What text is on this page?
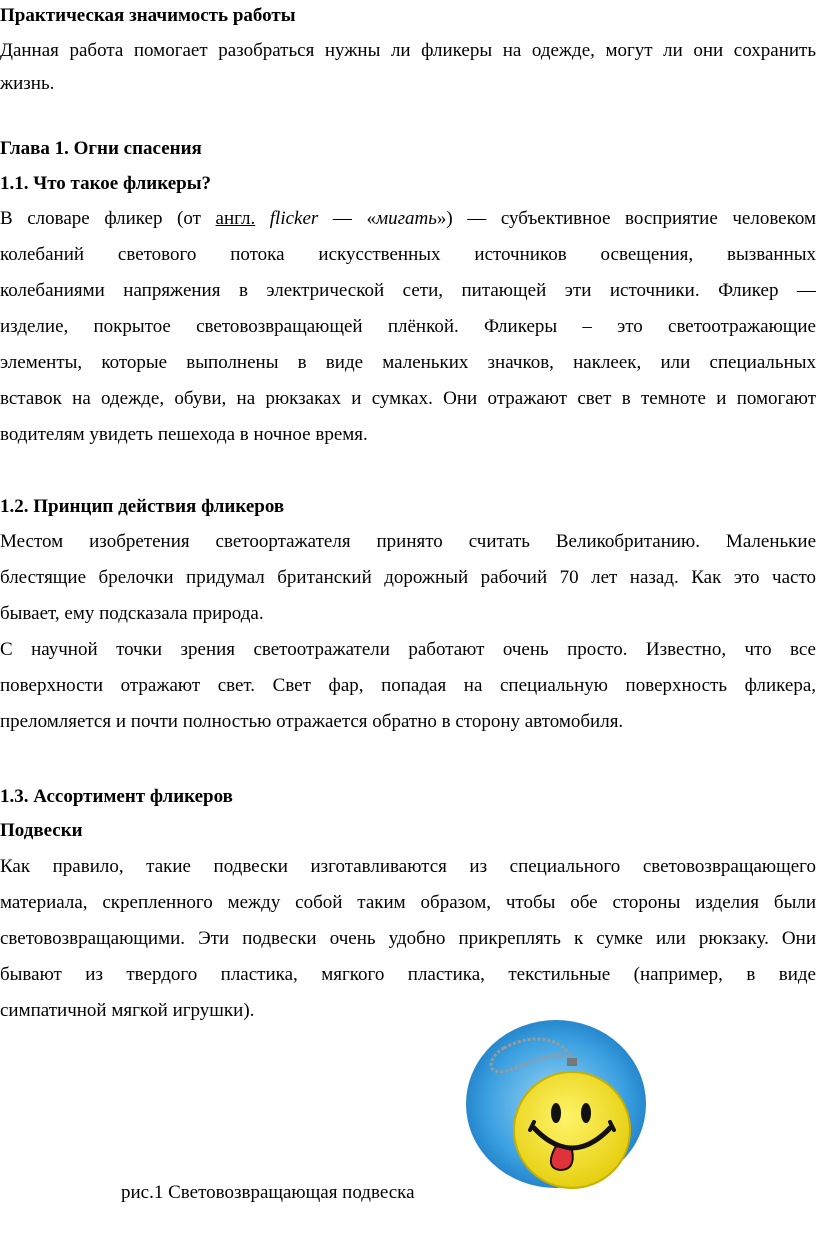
Практическая значимость работы
Данная работа помогает разобраться нужны ли фликеры на одежде, могут ли они сохранить
жизнь.
Глава 1. Огни спасения
1.1. Что такое фликеры?
В словаре фликер (от англ. flicker — «мигать») — субъективное восприятие человеком
колебаний светового потока искусственных источников освещения, вызванных
колебаниями напряжения в электрической сети, питающей эти источники. Фликер —
изделие, покрытое световозвращающей плёнкой. Фликеры – это светоотражающие
элементы, которые выполнены в виде маленьких значков, наклеек, или специальных
вставок на одежде, обуви, на рюкзаках и сумках. Они отражают свет в темноте и помогают
водителям увидеть пешехода в ночное время.
1.2. Принцип действия фликеров
Местом изобретения светоортажателя принято считать Великобританию. Маленькие
блестящие брелочки придумал британский дорожный рабочий 70 лет назад. Как это часто
бывает, ему подсказала природа.
С научной точки зрения светоотражатели работают очень просто. Известно, что все
поверхности отражают свет. Свет фар, попадая на специальную поверхность фликера,
преломляется и почти полностью отражается обратно в сторону автомобиля.
1.3. Ассортимент фликеров
Подвески
Как правило, такие подвески изготавливаются из специального световозвращающего
материала, скрепленного между собой таким образом, чтобы обе стороны изделия были
световозвращающими. Эти подвески очень удобно прикреплять к сумке или рюкзаку. Они
бывают из твердого пластика, мягкого пластика, текстильные (например, в виде
симпатичной мягкой игрушки).
рис.1 Световозвращающая подвеска
